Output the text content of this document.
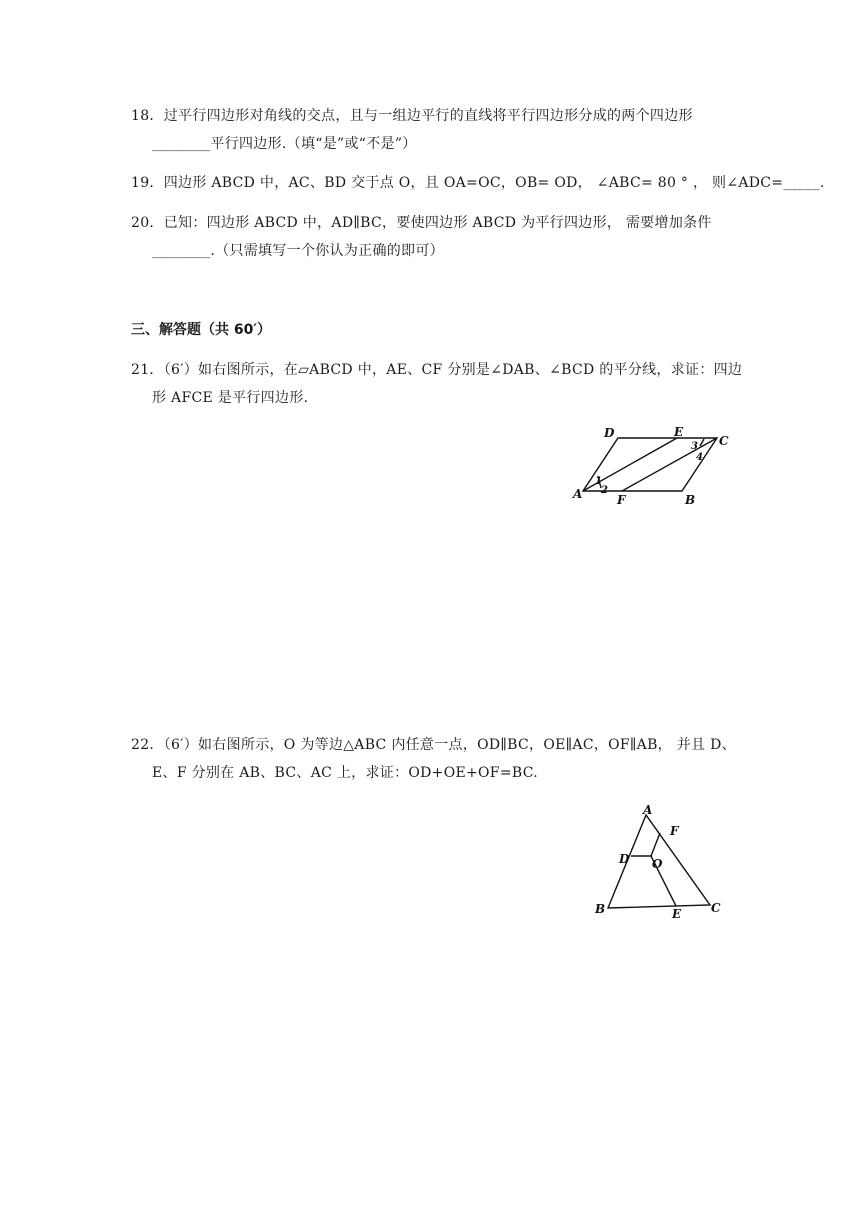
18．过平行四边形对角线的交点，且与一组边平行的直线将平行四边形分成的两个四边形
________平行四边形.（填“是”或“不是”）
19．四边形 ABCD 中，AC、BD 交于点 O，且 OA=OC，OB= OD， ∠ABC= 80 ° ， 则∠ADC=_____.
20．已知：四边形 ABCD 中，AD∥BC，要使四边形 ABCD 为平行四边形， 需要增加条件
________.（只需填写一个你认为正确的即可）
三、解答题（共 60′）
21．（6′）如右图所示，在▱ABCD 中，AE、CF 分别是∠DAB、∠BCD 的平分线，求证：四边
形 AFCE 是平行四边形.
D	E
C
A	F	B
1
2
3
4
22．（6′）如右图所示，O 为等边△ABC 内任意一点，OD∥BC，OE∥AC，OF∥AB， 并且 D、
E、F 分别在 AB、BC、AC 上，求证：OD+OE+OF=BC.
A
F
D O
B	E C
